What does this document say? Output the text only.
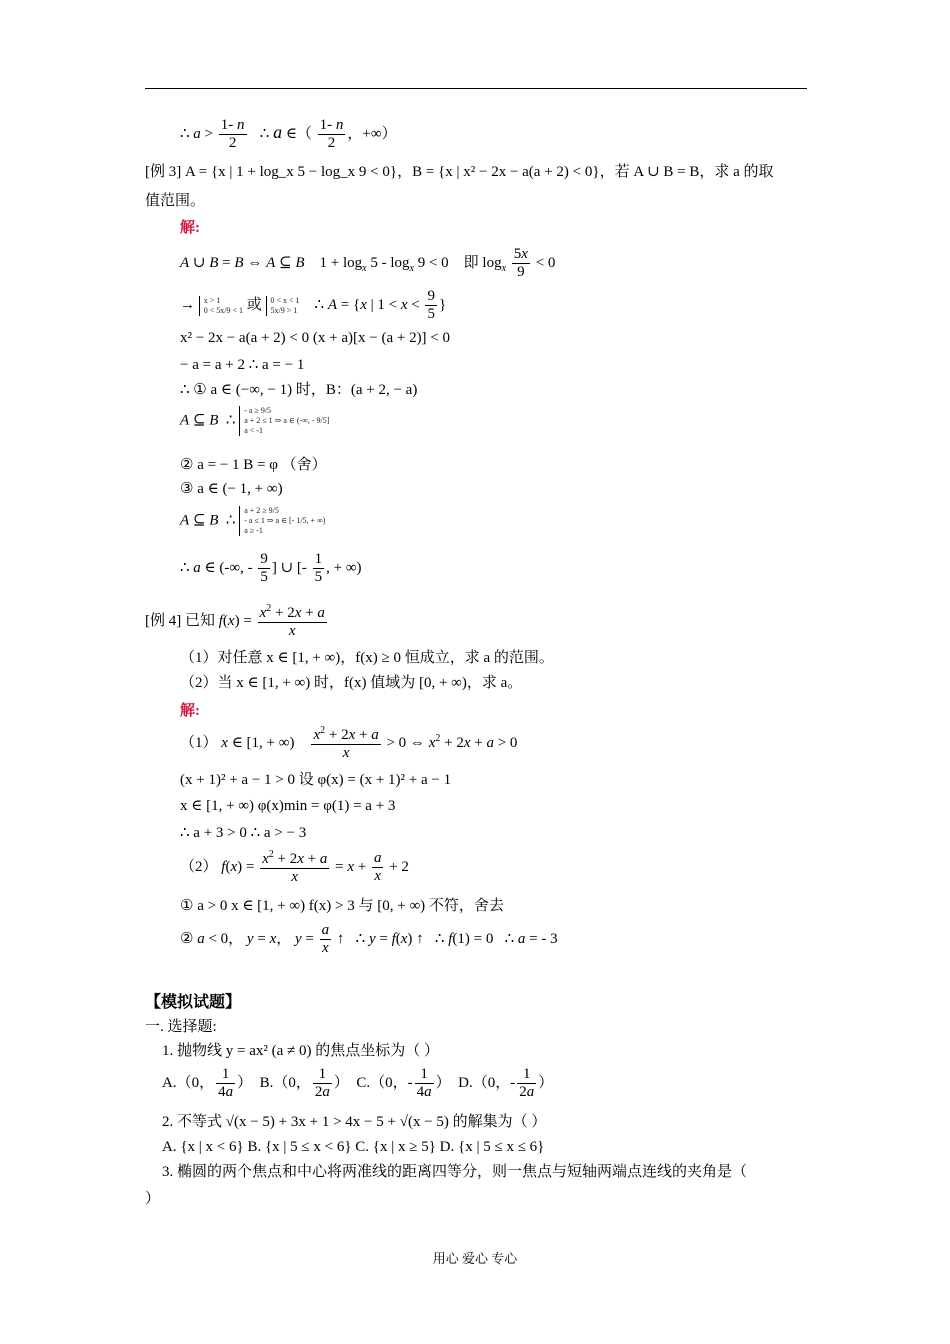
∴ $a > \frac{1- n}{2}$ ∴ a ∈（ $\frac{1- n}{2}$ ，+∞）
[例 3] A = {x | 1 + log_x 5 − log_x 9 < 0}，B = {x | x² − 2x − a(a + 2) < 0}，若 A ∪ B = B，求 a 的取
值范围。
解:
A ∪ B = B ⇔ A ⊆ B    $1 + \log_x 5 - \log_x 9 < 0$    即 $\log_x \frac{5x}{9} < 0$
→ x > 1
0 < 5x/9 < 1 或 0 < x < 1
5x/9 > 1    ∴ A = {x | $1 < x < \frac{9}{5}$ }
x² − 2x − a(a + 2) < 0 (x + a)[x − (a + 2)] < 0
− a = a + 2 ∴ a = − 1
∴ ① a ∈ (−∞, − 1) 时，B：(a + 2, − a)
A ⊆ B  ∴ - a ≥ 9/5
a + 2 ≤ 1 ⇒ a ∈ (-∞, - 9/5]
a < -1
② a = − 1 B = φ （舍）
③ a ∈ (− 1, + ∞)
A ⊆ B  ∴ a + 2 ≥ 9/5
- a ≤ 1 ⇒ a ∈ [- 1/5, + ∞)
a ≥ -1
∴ a ∈ (-∞, - $\frac{9}{5}$ ] ∪ [- $\frac{1}{5}$ , + ∞)
[例 4] 已知 $f(x) = \frac{x^2 + 2x + a}{x}$
（1）对任意 x ∈ [1, + ∞)，f(x) ≥ 0 恒成立，求 a 的范围。
（2）当 x ∈ [1, + ∞) 时，f(x) 值域为 [0, + ∞)，求 a。
解:
（1） x ∈ [1, + ∞) $\frac{x^2 + 2x + a}{x} > 0$ ⇔ $x^2 + 2x + a > 0$
(x + 1)² + a − 1 > 0 设 φ(x) = (x + 1)² + a − 1
x ∈ [1, + ∞) φ(x)min = φ(1) = a + 3
∴ a + 3 > 0 ∴ a > − 3
（2） $f(x) = \frac{x^2 + 2x + a}{x} = x + \frac{a}{x} + 2$
① a > 0 x ∈ [1, + ∞) f(x) > 3 与 [0, + ∞) 不符，舍去
② a < 0， y = x， $y = \frac{a}{x}$ ↑   ∴ y = f(x) ↑   ∴ f(1) = 0   ∴ a = - 3
【模拟试题】
一. 选择题:
1. 抛物线 y = ax² (a ≠ 0) 的焦点坐标为（ ）
A.（0， $\frac{1}{4a}$ ）  B.（0， $\frac{1}{2a}$ ）  C.（0，- $\frac{1}{4a}$ ）  D.（0，- $\frac{1}{2a}$ ）
2. 不等式 √(x − 5) + 3x + 1 > 4x − 5 + √(x − 5) 的解集为（ ）
A. {x | x < 6} B. {x | 5 ≤ x < 6} C. {x | x ≥ 5} D. {x | 5 ≤ x ≤ 6}
3. 椭圆的两个焦点和中心将两准线的距离四等分，则一焦点与短轴两端点连线的夹角是（
）
用心 爱心 专心
